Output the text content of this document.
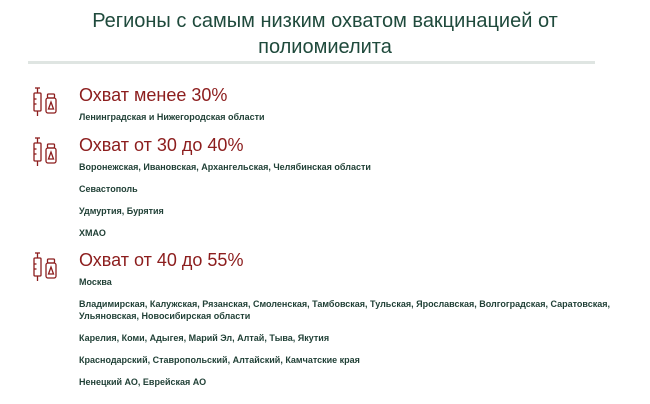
Регионы с самым низким охватом вакцинацией от
полиомиелита
Охват менее 30%
Ленинградская и Нижегородская области
Охват от 30 до 40%
Воронежская, Ивановская, Архангельская, Челябинская области
Севастополь
Удмуртия, Бурятия
ХМАО
Охват от 40 до 55%
Москва
Владимирская, Калужская, Рязанская, Смоленская, Тамбовская, Тульская, Ярославская, Волгоградская, Саратовская, Ульяновская, Новосибирская области
Карелия, Коми, Адыгея, Марий Эл, Алтай, Тыва, Якутия
Краснодарский, Ставропольский, Алтайский, Камчатские края
Ненецкий АО, Еврейская АО
